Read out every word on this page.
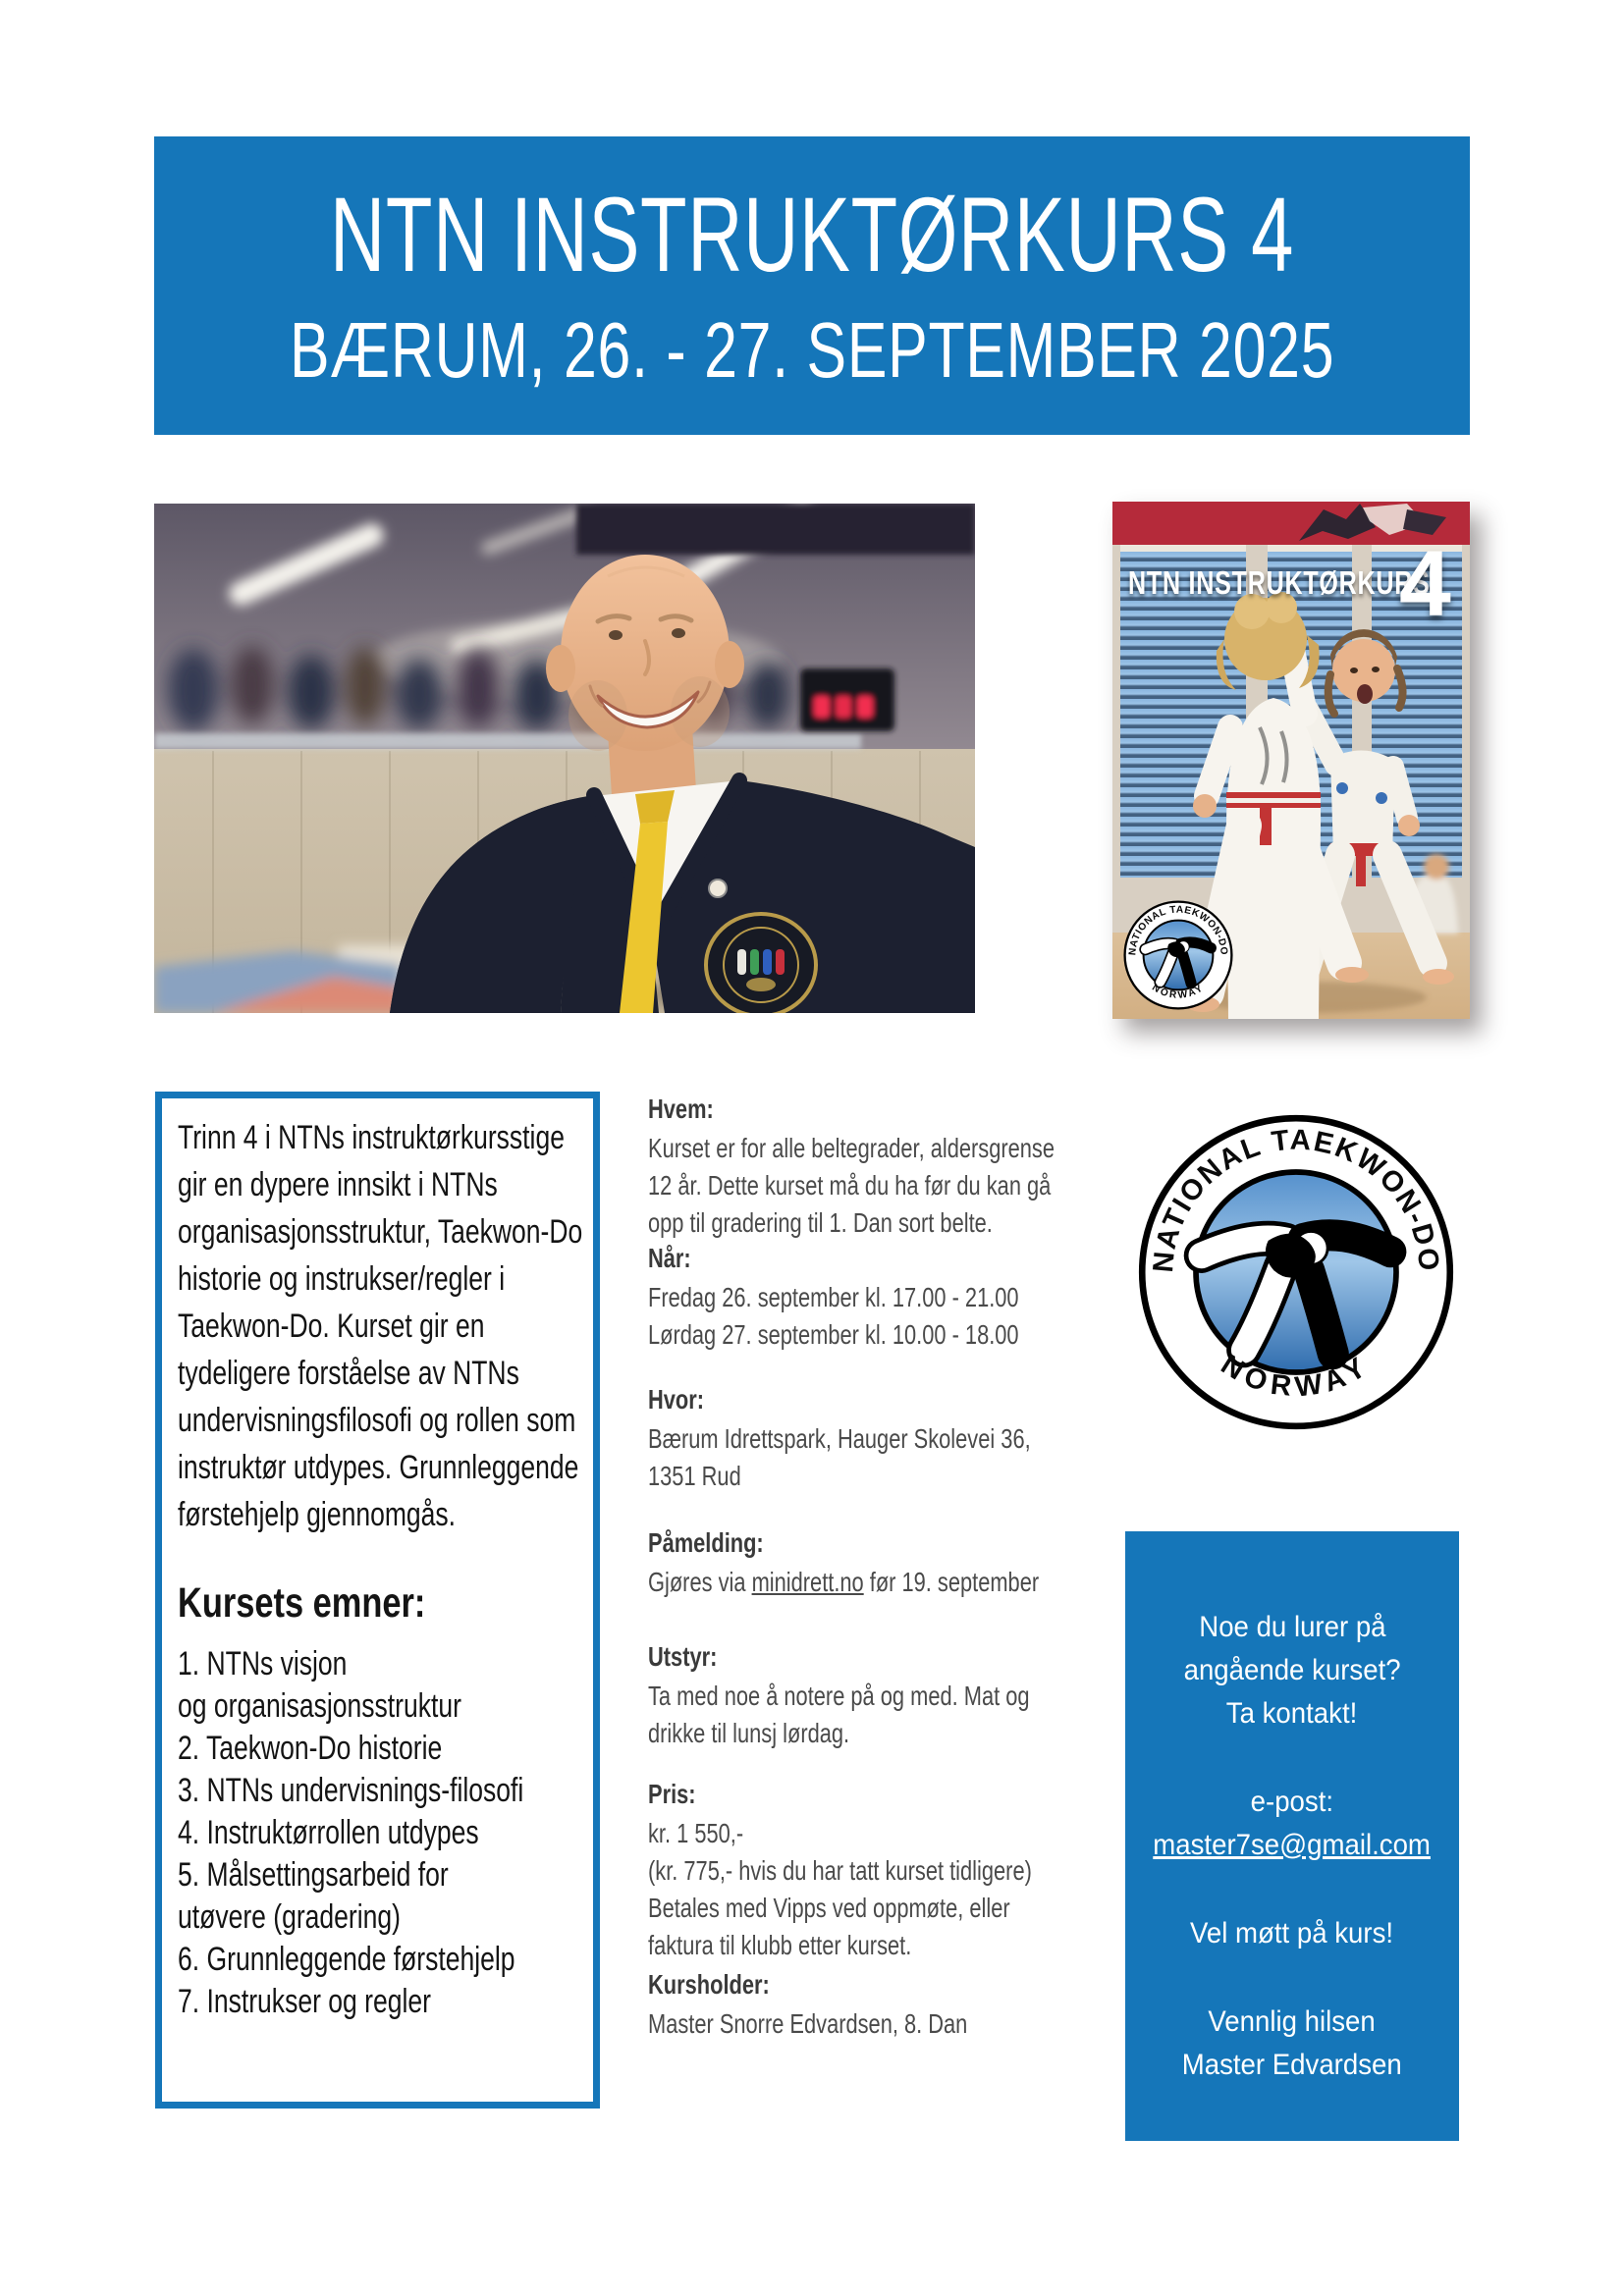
NTN INSTRUKTØRKURS 4
BÆRUM, 26. - 27. SEPTEMBER 2025
NTN INSTRUKTØRKURS
4
Trinn 4 i NTNs instruktørkursstige gir en dypere innsikt i NTNs organisasjonsstruktur, Taekwon-Do historie og instrukser/regler i Taekwon-Do. Kurset gir en tydeligere forståelse av NTNs undervisningsfilosofi og rollen som instruktør utdypes. Grunnleggende førstehjelp gjennomgås.
Kursets emner:
1. NTNs visjon
og organisasjonsstruktur
2. Taekwon-Do historie
3. NTNs undervisnings-filosofi
4. Instruktørrollen utdypes
5. Målsettingsarbeid for
utøvere (gradering)
6. Grunnleggende førstehjelp
7. Instrukser og regler
Hvem:
Kurset er for alle beltegrader, aldersgrense
12 år. Dette kurset må du ha før du kan gå
opp til gradering til 1. Dan sort belte.
Når:
Fredag 26. september kl. 17.00 - 21.00
Lørdag 27. september kl. 10.00 - 18.00
Hvor:
Bærum Idrettspark, Hauger Skolevei 36,
1351 Rud
Påmelding:
Gjøres via minidrett.no før 19. september
Utstyr:
Ta med noe å notere på og med. Mat og
drikke til lunsj lørdag.
Pris:
kr. 1 550,-
(kr. 775,- hvis du har tatt kurset tidligere)
Betales med Vipps ved oppmøte, eller
faktura til klubb etter kurset.
Kursholder:
Master Snorre Edvardsen, 8. Dan
Noe du lurer på
angående kurset?
Ta kontakt!
e-post:
master7se@gmail.com
Vel møtt på kurs!
Vennlig hilsen
Master Edvardsen
